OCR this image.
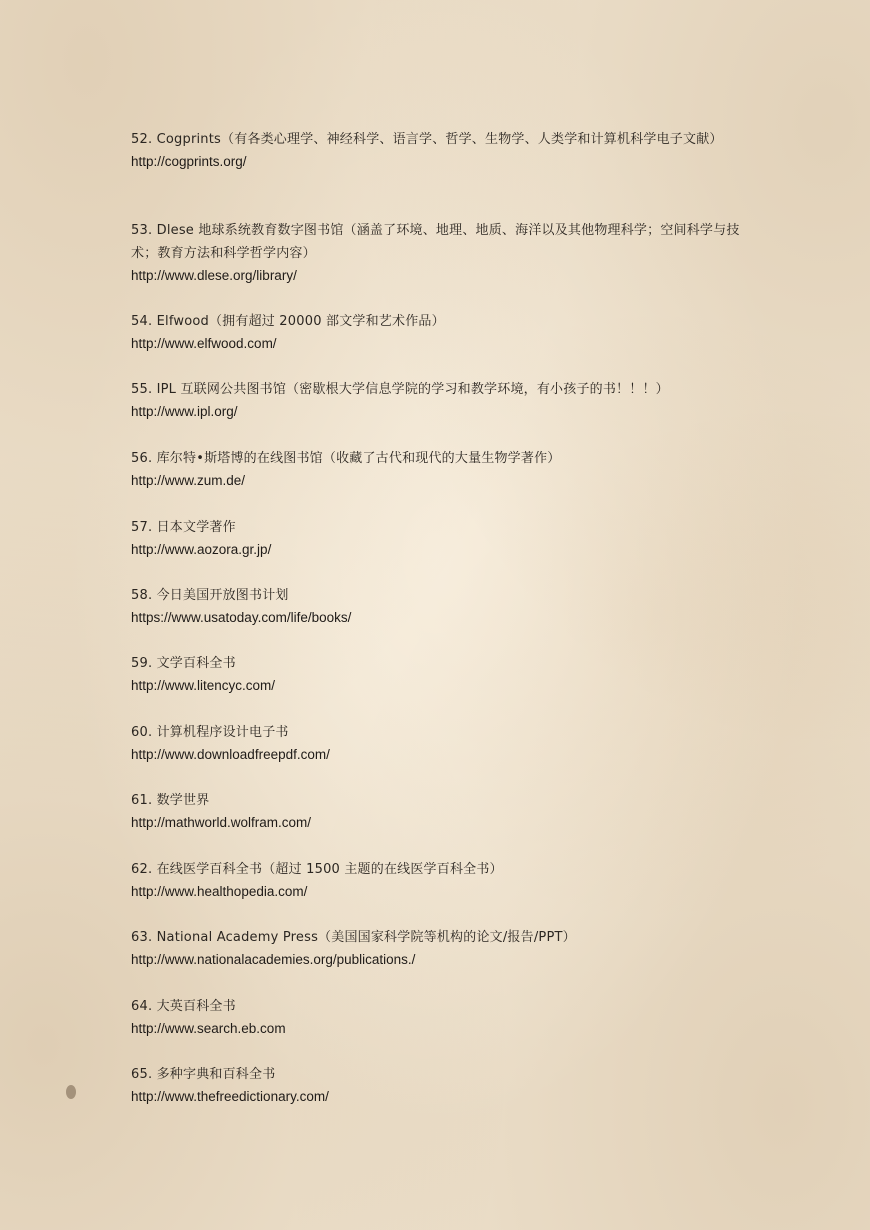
52. Cogprints（有各类心理学、神经科学、语言学、哲学、生物学、人类学和计算机科学电子文献）

http://cogprints.org/

53. Dlese 地球系统教育数字图书馆（涵盖了环境、地理、地质、海洋以及其他物理科学；空间科学与技术；教育方法和科学哲学内容）

http://www.dlese.org/library/

54. Elfwood（拥有超过 20000 部文学和艺术作品）

http://www.elfwood.com/

55. IPL 互联网公共图书馆（密歇根大学信息学院的学习和教学环境，有小孩子的书！！！）

http://www.ipl.org/

56. 库尔特•斯塔博的在线图书馆（收藏了古代和现代的大量生物学著作）

http://www.zum.de/

57. 日本文学著作

http://www.aozora.gr.jp/

58. 今日美国开放图书计划

https://www.usatoday.com/life/books/

59. 文学百科全书

http://www.litencyc.com/

60. 计算机程序设计电子书

http://www.downloadfreepdf.com/

61. 数学世界

http://mathworld.wolfram.com/

62. 在线医学百科全书（超过 1500 主题的在线医学百科全书）

http://www.healthopedia.com/

63. National Academy Press（美国国家科学院等机构的论文/报告/PPT）

http://www.nationalacademies.org/publications./

64. 大英百科全书

http://www.search.eb.com

65. 多种字典和百科全书

http://www.thefreedictionary.com/
